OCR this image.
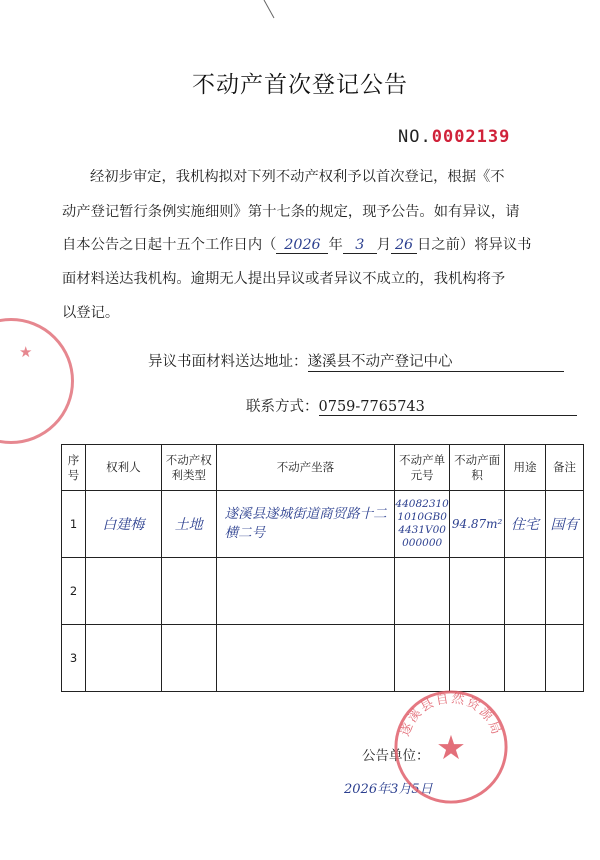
不动产首次登记公告
NO.0002139
经初步审定，我机构拟对下列不动产权利予以首次登记，根据《不
动产登记暂行条例实施细则》第十七条的规定，现予公告。如有异议，请
自本公告之日起十五个工作日内（ 2026 年 3 月 26 日之前）将异议书
面材料送达我机构。逾期无人提出异议或者异议不成立的，我机构将予
以登记。
异议书面材料送达地址：遂溪县不动产登记中心
联系方式：0759-7765743
★
序号	权利人	不动产权利类型	不动产坐落	不动产单元号	不动产面积	用途	备注
1	白建梅	土地	遂溪县遂城街道商贸路十二横二号	440823101010GB04431V00000000	94.87m²	住宅	国有
2							
3							
公告单位：
2026年3月5日
遂溪县自然资源局
★
